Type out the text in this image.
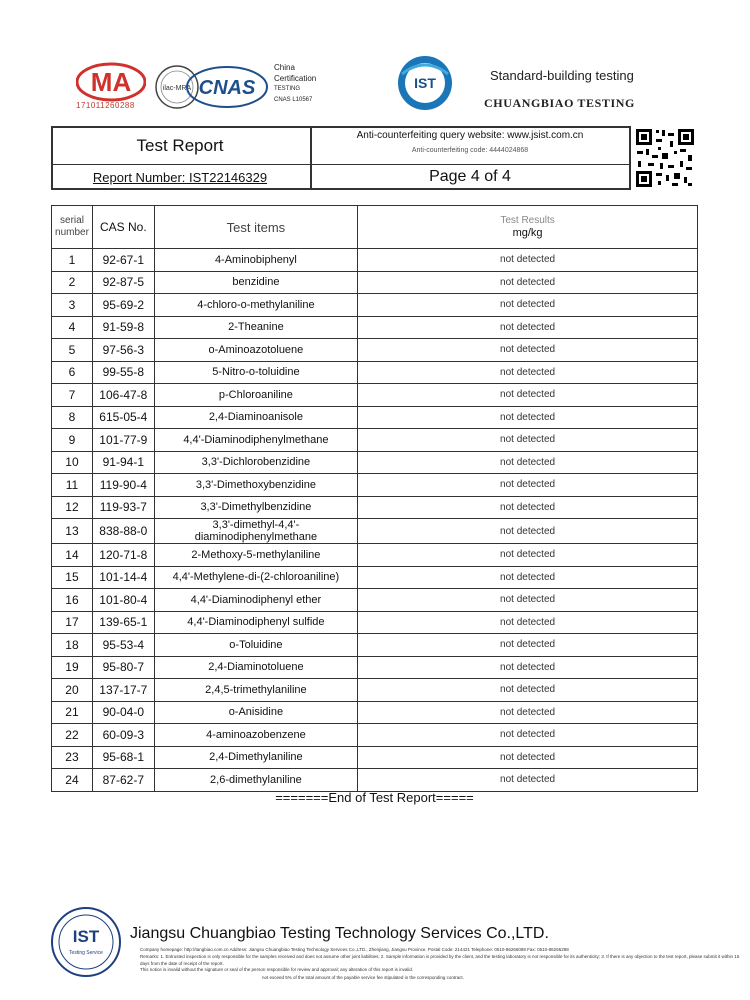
MA
171011260288
ilac-MRA CNAS
China
Certification
TESTING
CNAS L10567
IST	Standard-building testing
CHUANGBIAO TESTING
Test Report
Report Number: IST22146329
Anti-counterfeiting query website: www.jsist.com.cn
Anti-counterfeiting code: 4444024868
Page 4 of 4
serial number	CAS No.	Test items	Test Results
mg/kg

1	92-67-1	4-Aminobiphenyl	not detected
2	92-87-5	benzidine	not detected
3	95-69-2	4-chloro-o-methylaniline	not detected
4	91-59-8	2-Theanine	not detected
5	97-56-3	o-Aminoazotoluene	not detected
6	99-55-8	5-Nitro-o-toluidine	not detected
7	106-47-8	p-Chloroaniline	not detected
8	615-05-4	2,4-Diaminoanisole	not detected
9	101-77-9	4,4'-Diaminodiphenylmethane	not detected
10	91-94-1	3,3'-Dichlorobenzidine	not detected
11	119-90-4	3,3'-Dimethoxybenzidine	not detected
12	119-93-7	3,3'-Dimethylbenzidine	not detected
13	838-88-0	3,3'-dimethyl-4,4'-diaminodiphenylmethane	not detected
14	120-71-8	2-Methoxy-5-methylaniline	not detected
15	101-14-4	4,4'-Methylene-di-(2-chloroaniline)	not detected
16	101-80-4	4,4'-Diaminodiphenyl ether	not detected
17	139-65-1	4,4'-Diaminodiphenyl sulfide	not detected
18	95-53-4	o-Toluidine	not detected
19	95-80-7	2,4-Diaminotoluene	not detected
20	137-17-7	2,4,5-trimethylaniline	not detected
21	90-04-0	o-Anisidine	not detected
22	60-09-3	4-aminoazobenzene	not detected
23	95-68-1	2,4-Dimethylaniline	not detected
24	87-62-7	2,6-dimethylaniline	not detected
=======End of Test Report=====
IST
Testing Service
Jiangsu Chuangbiao Testing Technology Services Co.,LTD.
Company homepage: http://tangbiao.com.cn Address: Jiangsu Chuangbiao Testing Technology Services Co.,LTD., Zhenjiang, Jiangsu Province. Postal Code: 214421 Telephone: 0510-86266088 Fax: 0510-86266288
Remarks: 1. Entrusted inspection is only responsible for the samples received and does not assume other joint liabilities; 2. Sample information is provided by the client, and the testing laboratory is not responsible for its authenticity; 3. If there is any objection to the test report, please submit it within 15 days from the date of receipt of the report.
This notice is invalid without the signature or seal of the person responsible for review and approval; any alteration of this report is invalid.
not exceed 5% of the total amount of the payable service fee stipulated in the corresponding contract.
